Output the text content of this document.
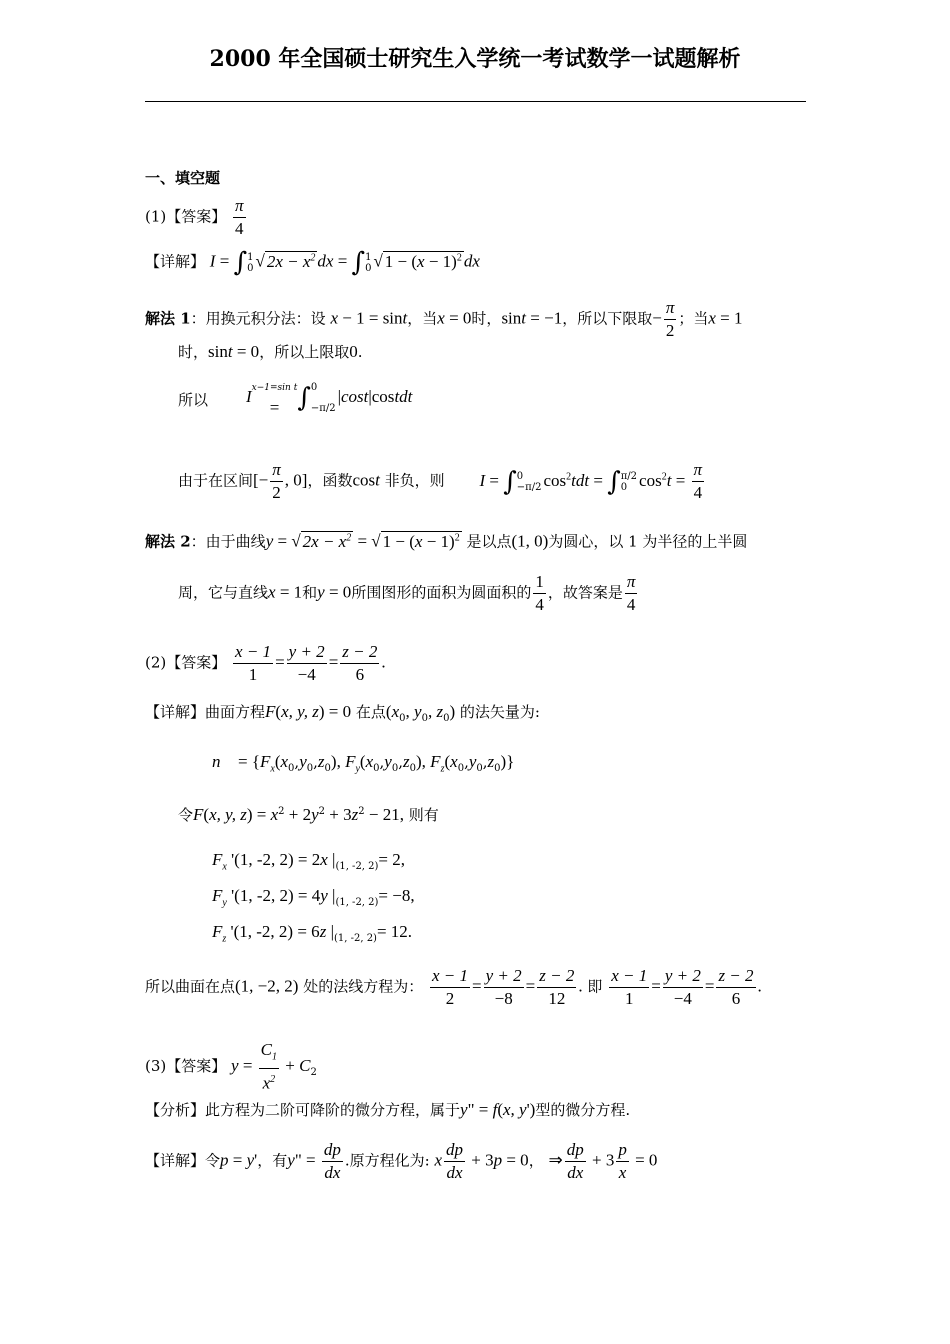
2000 年全国硕士研究生入学统一考试数学一试题解析
一、填空题
(1)【答案】 $\frac{\pi}{4}$
【详解】 I = ∫ 1
0 √ $2x - x^2$ dx = ∫ 1
0 √ $1 - (x - 1)^2$ dx
解法 1：用换元积分法：设 x − 1 = sint，当x = 0时，sint = −1，所以下限取− $\frac{\pi}{2}$ ；当x = 1
时，sint = 0，所以上限取0.
所以 I x−1=sin t
= ∫ 0
−π/2
|cost|costdt
由于在区间[− $\frac{\pi}{2}$ , 0]，函数cost 非负，则 I = ∫ 0
−π/2 $\cos^2tdt$ = ∫ π/2
0 $\cos^2t = \frac{\pi}{4}$
解法 2：由于曲线y = √ $2x - x^2$ = √ $1 - (x - 1)^2$ 是以点(1, 0)为圆心，以 1 为半径的上半圆
周，它与直线x = 1和y = 0所围图形的面积为圆面积的 $\frac{1}{4}$ ，故答案是 $\frac{\pi}{4}$
(2)【答案】 $\frac{x - 1}{1} = \frac{y + 2}{-4} = \frac{z - 2}{6}$ .
【详解】曲面方程F(x, y, z) = 0 在点($x_0$, $y_0$, $z_0$) 的法矢量为:
n⃗ = {$F_x(x_0,y_0,z_0)$, $F_y(x_0,y_0,z_0)$, $F_z(x_0,y_0,z_0)$}
令F(x, y, $z) = x^2 + 2y^2 + 3z^2 - 21$, 则有
$F_x$ '(1, -2, 2) = 2x $|_{(1, -2, 2)}= 2$,
$F_y$ '(1, -2, 2) = 4y $|_{(1, -2, 2)}= -8$,
$F_z$ '(1, -2, 2) = 6z $|_{(1, -2, 2)}= 12$.
所以曲面在点(1, −2, 2) 处的法线方程为： $\frac{x - 1}{2} = \frac{y + 2}{-8} = \frac{z - 2}{12}$ . 即 $\frac{x - 1}{1} = \frac{y + 2}{-4} = \frac{z - 2}{6}$ .
(3)【答案】 $y = \frac{C_1}{x^2} + C_2$
【分析】此方程为二阶可降阶的微分方程，属于y" = f(x, y')型的微分方程.
【详解】令p = y'，有y" = $\frac{dp}{dx}$ .原方程化为: x $\frac{dp}{dx} + 3p = 0$， ⇒ $\frac{dp}{dx} + 3 \frac{p}{x} = 0$
